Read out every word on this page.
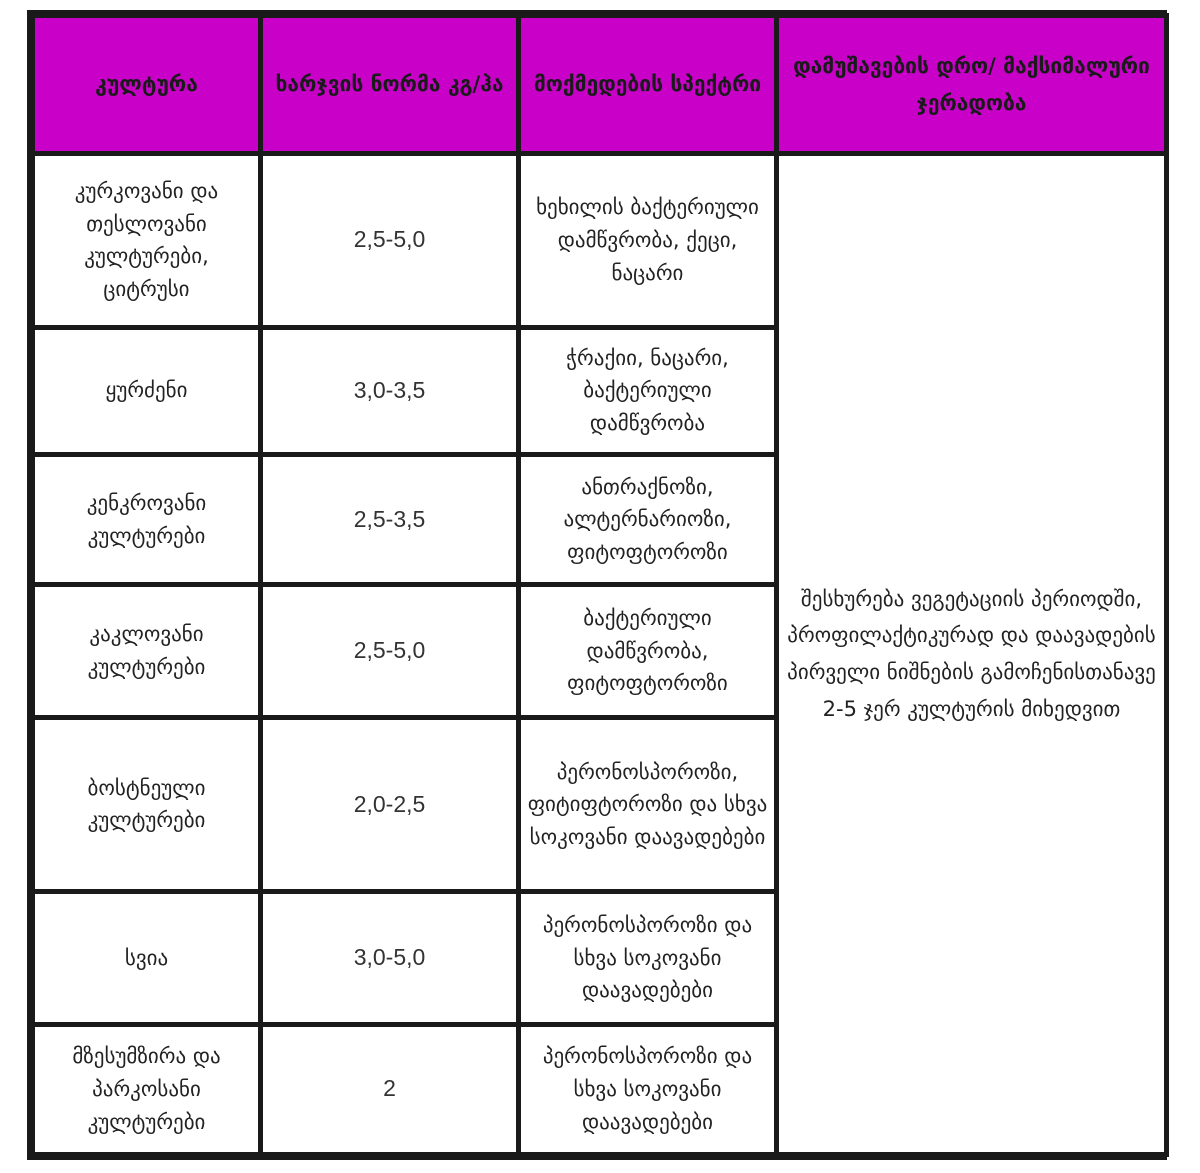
კულტურა	ხარჯვის ნორმა კგ/ჰა	მოქმედების სპექტრი	დამუშავების დრო/ მაქსიმალური ჯერადობა
კურკოვანი და თესლოვანი კულტურები, ციტრუსი	2,5-5,0	ხეხილის ბაქტერიული დამწვრობა, ქეცი, ნაცარი	შესხურება ვეგეტაციის პერიოდში, პროფილაქტიკურად და დაავადების პირველი ნიშნების გამოჩენისთანავე 2-5 ჯერ კულტურის მიხედვით
ყურძენი	3,0-3,5	ჭრაქიი, ნაცარი, ბაქტერიული დამწვრობა	
კენკროვანი კულტურები	2,5-3,5	ანთრაქნოზი, ალტერნარიოზი, ფიტოფტოროზი	
კაკლოვანი კულტურები	2,5-5,0	ბაქტერიული დამწვრობა, ფიტოფტოროზი	
ბოსტნეული კულტურები	2,0-2,5	პერონოსპოროზი, ფიტიფტოროზი და სხვა სოკოვანი დაავადებები	
სვია	3,0-5,0	პერონოსპოროზი და სხვა სოკოვანი დაავადებები	
მზესუმზირა და პარკოსანი კულტურები	2	პერონოსპოროზი და სხვა სოკოვანი დაავადებები	
